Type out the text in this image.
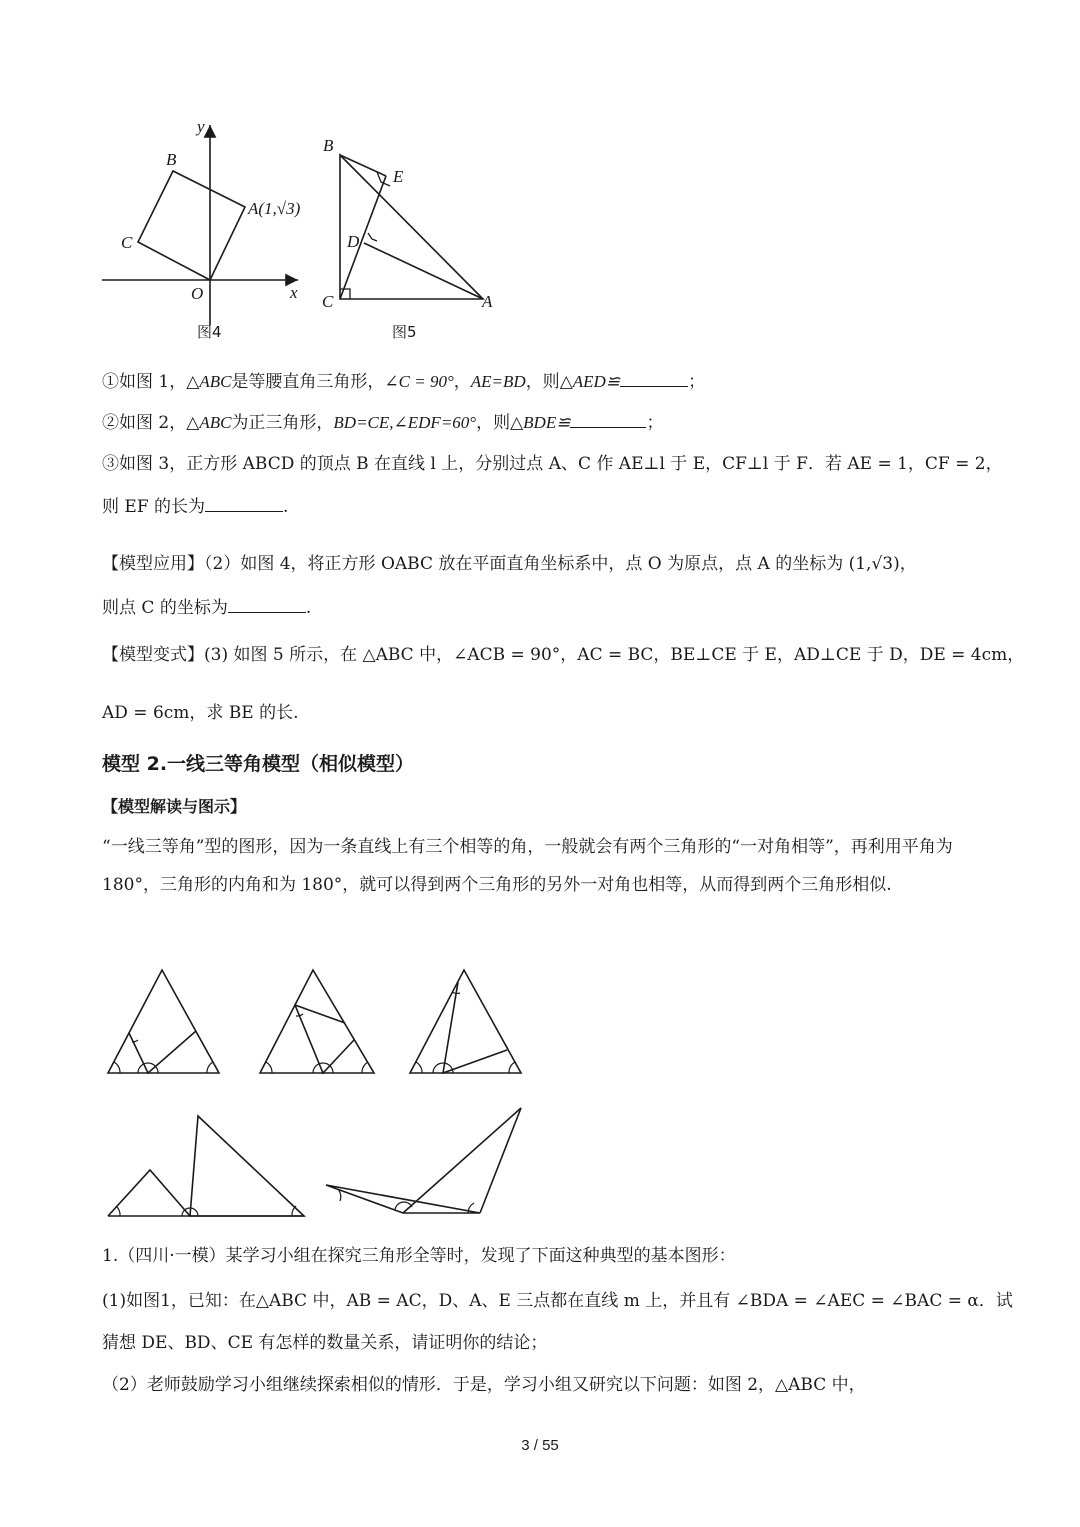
y
x
O
B
C
A(1,√3)
图4
B
E
D
C	A
图5
①如图 1，△ABC是等腰直角三角形，∠C = 90°，AE=BD，则△AED≌	；
②如图 2，△ABC为正三角形，BD=CE,∠EDF=60°，则△BDE≌	；
③如图 3，正方形 ABCD 的顶点 B 在直线 l 上，分别过点 A、C 作 AE⊥l 于 E，CF⊥l 于 F．若 AE = 1，CF = 2，
则 EF 的长为	.
【模型应用】（2）如图 4，将正方形 OABC 放在平面直角坐标系中，点 O 为原点，点 A 的坐标为 (1,√3)，
则点 C 的坐标为	.
【模型变式】(3) 如图 5 所示，在 △ABC 中，∠ACB = 90°，AC = BC，BE⊥CE 于 E，AD⊥CE 于 D，DE = 4cm，
AD = 6cm，求 BE 的长.
模型 2.一线三等角模型（相似模型）
【模型解读与图示】
“一线三等角”型的图形，因为一条直线上有三个相等的角，一般就会有两个三角形的“一对角相等”，再利用平角为 180°，三角形的内角和为 180°，就可以得到两个三角形的另外一对角也相等，从而得到两个三角形相似.
1.（四川·一模）某学习小组在探究三角形全等时，发现了下面这种典型的基本图形：
(1)如图1，已知：在△ABC 中，AB = AC，D、A、E 三点都在直线 m 上，并且有 ∠BDA = ∠AEC = ∠BAC = α．试
猜想 DE、BD、CE 有怎样的数量关系，请证明你的结论；
（2）老师鼓励学习小组继续探索相似的情形．于是，学习小组又研究以下问题：如图 2，△ABC 中，
3 / 55
